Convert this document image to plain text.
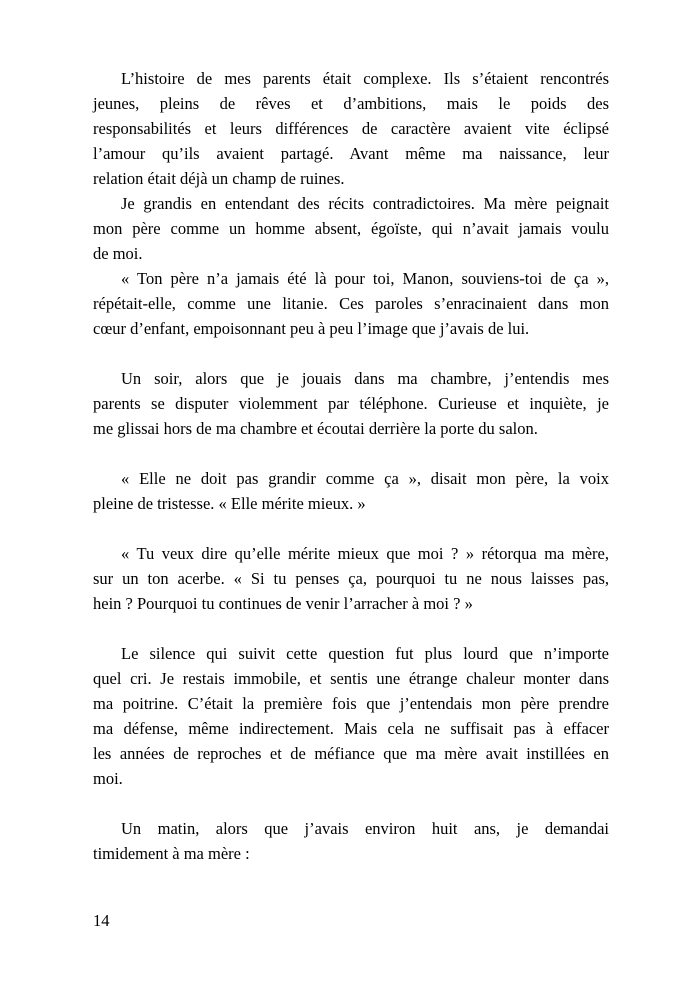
L’histoire de mes parents était complexe. Ils s’étaient rencontrés
jeunes, pleins de rêves et d’ambitions, mais le poids des
responsabilités et leurs différences de caractère avaient vite éclipsé
l’amour qu’ils avaient partagé. Avant même ma naissance, leur
relation était déjà un champ de ruines.
Je grandis en entendant des récits contradictoires. Ma mère peignait
mon père comme un homme absent, égoïste, qui n’avait jamais voulu
de moi.
« Ton père n’a jamais été là pour toi, Manon, souviens-toi de ça »,
répétait-elle, comme une litanie. Ces paroles s’enracinaient dans mon
cœur d’enfant, empoisonnant peu à peu l’image que j’avais de lui.
Un soir, alors que je jouais dans ma chambre, j’entendis mes
parents se disputer violemment par téléphone. Curieuse et inquiète, je
me glissai hors de ma chambre et écoutai derrière la porte du salon.
« Elle ne doit pas grandir comme ça », disait mon père, la voix
pleine de tristesse. « Elle mérite mieux. »
« Tu veux dire qu’elle mérite mieux que moi ? » rétorqua ma mère,
sur un ton acerbe. « Si tu penses ça, pourquoi tu ne nous laisses pas,
hein ? Pourquoi tu continues de venir l’arracher à moi ? »
Le silence qui suivit cette question fut plus lourd que n’importe
quel cri. Je restais immobile, et sentis une étrange chaleur monter dans
ma poitrine. C’était la première fois que j’entendais mon père prendre
ma défense, même indirectement. Mais cela ne suffisait pas à effacer
les années de reproches et de méfiance que ma mère avait instillées en
moi.
Un matin, alors que j’avais environ huit ans, je demandai
timidement à ma mère :
14
